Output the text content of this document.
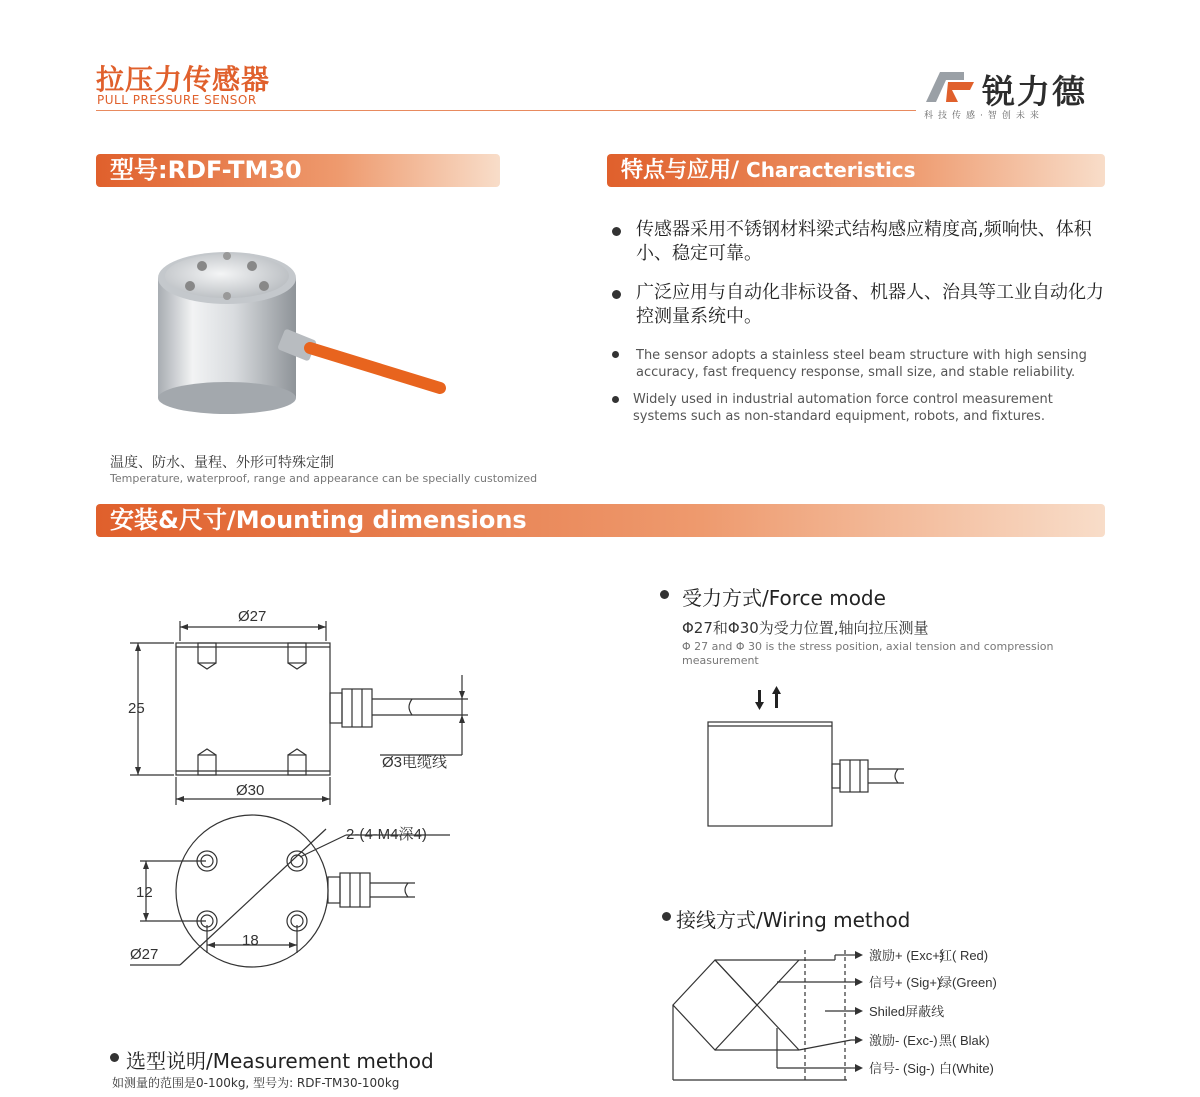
拉压力传感器
PULL PRESSURE SENSOR	锐力德
科技传感·智创未来
型号:RDF-TM30	特点与应用/ Characteristics
温度、防水、量程、外形可特殊定制
Temperature, waterproof, range and appearance can be specially customized
传感器采用不锈钢材料梁式结构感应精度高,频响快、体积小、稳定可靠。
广泛应用与自动化非标设备、机器人、治具等工业自动化力控测量系统中。
The sensor adopts a stainless steel beam structure with high sensing accuracy, fast frequency response, small size, and stable reliability.
Widely used in industrial automation force control measurement systems such as non-standard equipment, robots, and fixtures.
安装&尺寸/Mounting dimensions
Ø27
25
Ø30
Ø3电缆线
2-(4-M4深4)
12
18
Ø27
受力方式/Force mode
Φ27和Φ30为受力位置,轴向拉压测量
Φ 27 and Φ 30 is the stress position, axial tension and compression measurement
接线方式/Wiring method
激励+ (Exc+)
红( Red)
信号+ (Sig+)
绿(Green)
Shiled屏蔽线
激励- (Exc-) 黑( Blak)
信号- (Sig-) 白(White)
选型说明/Measurement method
如测量的范围是0-100kg, 型号为: RDF-TM30-100kg
